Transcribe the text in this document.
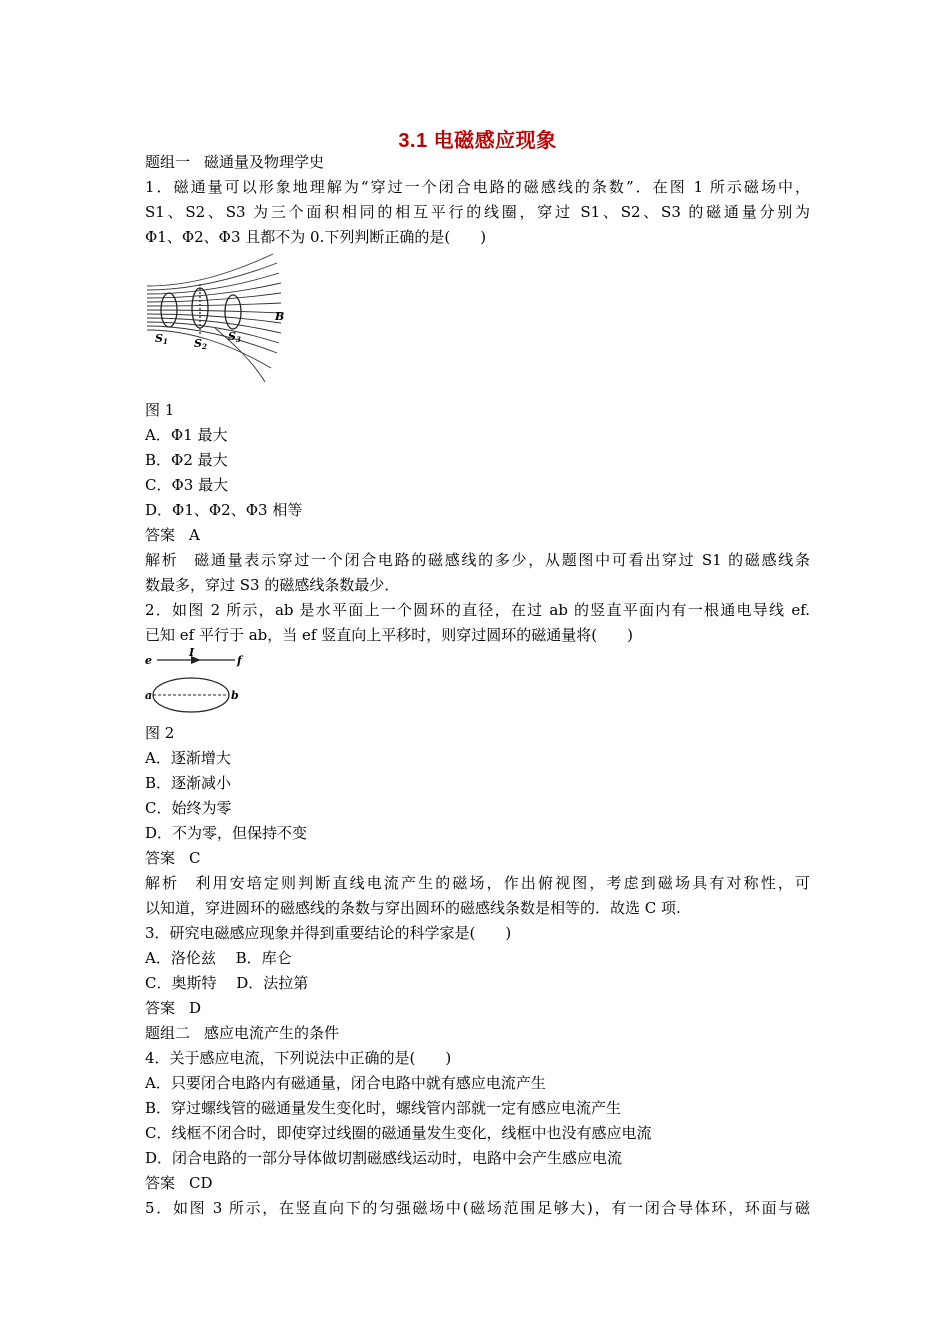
3.1 电磁感应现象
题组一 磁通量及物理学史
1．磁通量可以形象地理解为“穿过一个闭合电路的磁感线的条数”．在图 1 所示磁场中，
S1、S2、S3 为三个面积相同的相互平行的线圈，穿过 S1、S2、S3 的磁通量分别为
Φ1、Φ2、Φ3 且都不为 0.下列判断正确的是(　　)
S1 S2
S3
B
图 1
A．Φ1 最大
B．Φ2 最大
C．Φ3 最大
D．Φ1、Φ2、Φ3 相等
答案 A
解析 磁通量表示穿过一个闭合电路的磁感线的多少，从题图中可看出穿过 S1 的磁感线条
数最多，穿过 S3 的磁感线条数最少．
2．如图 2 所示，ab 是水平面上一个圆环的直径，在过 ab 的竖直平面内有一根通电导线 ef.
已知 ef 平行于 ab，当 ef 竖直向上平移时，则穿过圆环的磁通量将(　　)
e
I
f
a	b
图 2
A．逐渐增大
B．逐渐减小
C．始终为零
D．不为零，但保持不变
答案 C
解析 利用安培定则判断直线电流产生的磁场，作出俯视图，考虑到磁场具有对称性，可
以知道，穿进圆环的磁感线的条数与穿出圆环的磁感线条数是相等的．故选 C 项.
3．研究电磁感应现象并得到重要结论的科学家是(　　)
A．洛伦兹　 B．库仑
C．奥斯特　 D．法拉第
答案 D
题组二 感应电流产生的条件
4．关于感应电流，下列说法中正确的是(　　)
A．只要闭合电路内有磁通量，闭合电路中就有感应电流产生
B．穿过螺线管的磁通量发生变化时，螺线管内部就一定有感应电流产生
C．线框不闭合时，即使穿过线圈的磁通量发生变化，线框中也没有感应电流
D．闭合电路的一部分导体做切割磁感线运动时，电路中会产生感应电流
答案 CD
5．如图 3 所示，在竖直向下的匀强磁场中(磁场范围足够大)，有一闭合导体环，环面与磁
